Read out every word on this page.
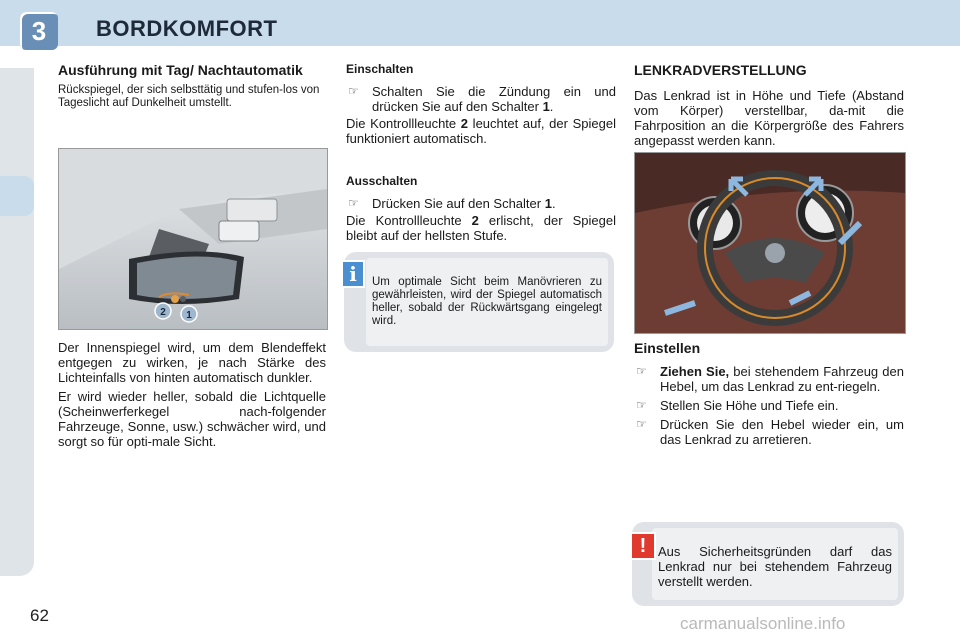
3	BORDKOMFORT

Ausführung mit Tag/ Nachtautomatik

Rückspiegel, der sich selbsttätig und stufen-los von Tageslicht auf Dunkelheit umstellt.

2 1

Der Innenspiegel wird, um dem Blendeffekt entgegen zu wirken, je nach Stärke des Lichteinfalls von hinten automatisch dunkler.

Er wird wieder heller, sobald die Lichtquelle (Scheinwerferkegel nach-folgender Fahrzeuge, Sonne, usw.) schwächer wird, und sorgt so für opti-male Sicht.

Einschalten

☞	Schalten Sie die Zündung ein und drücken Sie auf den Schalter 1.

Die Kontrollleuchte 2 leuchtet auf, der Spiegel funktioniert automatisch.

Ausschalten

☞	Drücken Sie auf den Schalter 1.

Die Kontrollleuchte 2 erlischt, der Spiegel bleibt auf der hellsten Stufe.

Um optimale Sicht beim Manövrieren zu gewährleisten, wird der Spiegel automatisch heller, sobald der Rückwärtsgang eingelegt wird.

i

LENKRADVERSTELLUNG

Das Lenkrad ist in Höhe und Tiefe (Abstand vom Körper) verstellbar, da-mit die Fahrposition an die Körpergröße des Fahrers angepasst werden kann.

Einstellen

☞	Ziehen Sie, bei stehendem Fahrzeug den Hebel, um das Lenkrad zu ent-riegeln.
☞	Stellen Sie Höhe und Tiefe ein.
☞	Drücken Sie den Hebel wieder ein, um das Lenkrad zu arretieren.

Aus Sicherheitsgründen darf das Lenkrad nur bei stehendem Fahrzeug verstellt werden.

!
62	carmanualsonline.info
